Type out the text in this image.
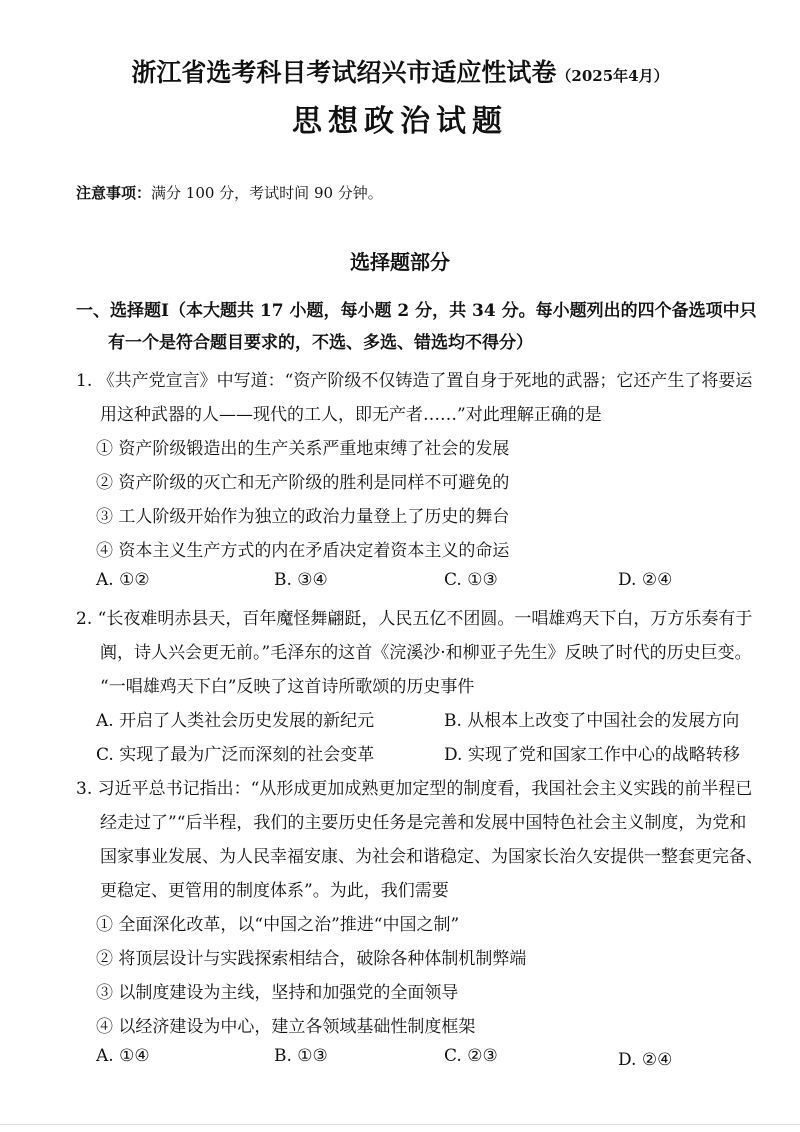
浙江省选考科目考试绍兴市适应性试卷（2025年4月）
思想政治试题
注意事项：满分 100 分，考试时间 90 分钟。
选择题部分
一、选择题Ⅰ（本大题共 17 小题，每小题 2 分，共 34 分。每小题列出的四个备选项中只
有一个是符合题目要求的，不选、多选、错选均不得分）
1. 《共产党宣言》中写道：“资产阶级不仅铸造了置自身于死地的武器；它还产生了将要运
用这种武器的人——现代的工人，即无产者……”对此理解正确的是
① 资产阶级锻造出的生产关系严重地束缚了社会的发展
② 资产阶级的灭亡和无产阶级的胜利是同样不可避免的
③ 工人阶级开始作为独立的政治力量登上了历史的舞台
④ 资本主义生产方式的内在矛盾决定着资本主义的命运
A. ①②	B. ③④	C. ①③	D. ②④
2. “长夜难明赤县天，百年魔怪舞翩跹，人民五亿不团圆。一唱雄鸡天下白，万方乐奏有于
阗，诗人兴会更无前。”毛泽东的这首《浣溪沙·和柳亚子先生》反映了时代的历史巨变。
“一唱雄鸡天下白”反映了这首诗所歌颂的历史事件
A. 开启了人类社会历史发展的新纪元	B. 从根本上改变了中国社会的发展方向
C. 实现了最为广泛而深刻的社会变革	D. 实现了党和国家工作中心的战略转移
3. 习近平总书记指出：“从形成更加成熟更加定型的制度看，我国社会主义实践的前半程已
经走过了”“后半程，我们的主要历史任务是完善和发展中国特色社会主义制度，为党和
国家事业发展、为人民幸福安康、为社会和谐稳定、为国家长治久安提供一整套更完备、
更稳定、更管用的制度体系”。为此，我们需要
① 全面深化改革，以“中国之治”推进“中国之制”
② 将顶层设计与实践探索相结合，破除各种体制机制弊端
③ 以制度建设为主线，坚持和加强党的全面领导
④ 以经济建设为中心，建立各领域基础性制度框架
A. ①④	B. ①③	C. ②③	D. ②④
